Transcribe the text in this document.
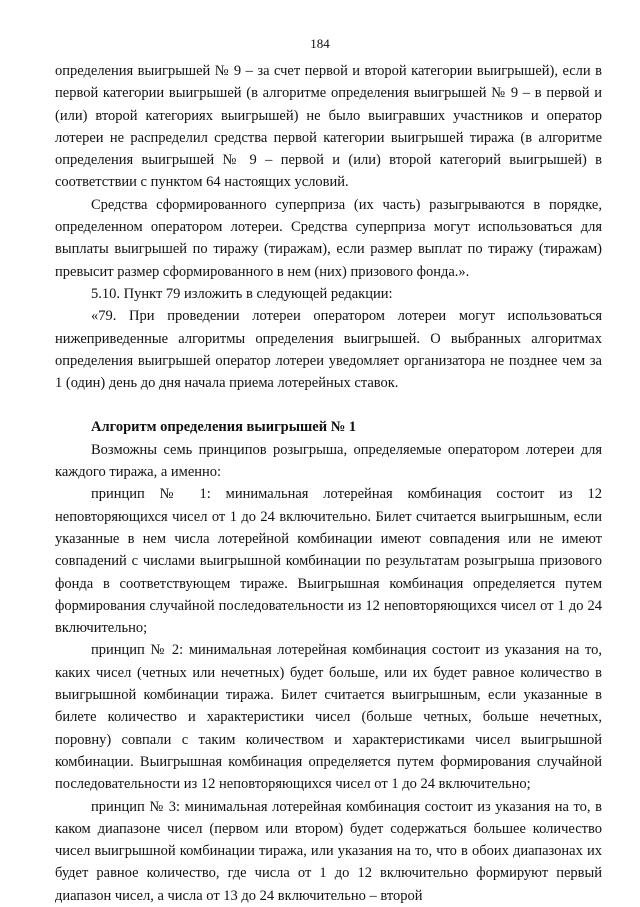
184

определения выигрышей № 9 – за счет первой и второй категории выигрышей), если в первой категории выигрышей (в алгоритме определения выигрышей № 9 – в первой и (или) второй категориях выигрышей) не было выигравших участников и оператор лотереи не распределил средства первой категории выигрышей тиража (в алгоритме определения выигрышей № 9 – первой и (или) второй категорий выигрышей) в соответствии с пунктом 64 настоящих условий.

Средства сформированного суперприза (их часть) разыгрываются в порядке, определенном оператором лотереи. Средства суперприза могут использоваться для выплаты выигрышей по тиражу (тиражам), если размер выплат по тиражу (тиражам) превысит размер сформированного в нем (них) призового фонда.».

5.10. Пункт 79 изложить в следующей редакции:

«79. При проведении лотереи оператором лотереи могут использоваться нижеприведенные алгоритмы определения выигрышей. О выбранных алгоритмах определения выигрышей оператор лотереи уведомляет организатора не позднее чем за 1 (один) день до дня начала приема лотерейных ставок.

Алгоритм определения выигрышей № 1

Возможны семь принципов розыгрыша, определяемые оператором лотереи для каждого тиража, а именно:

принцип № 1: минимальная лотерейная комбинация состоит из 12 неповторяющихся чисел от 1 до 24 включительно. Билет считается выигрышным, если указанные в нем числа лотерейной комбинации имеют совпадения или не имеют совпадений с числами выигрышной комбинации по результатам розыгрыша призового фонда в соответствующем тираже. Выигрышная комбинация определяется путем формирования случайной последовательности из 12 неповторяющихся чисел от 1 до 24 включительно;

принцип № 2: минимальная лотерейная комбинация состоит из указания на то, каких чисел (четных или нечетных) будет больше, или их будет равное количество в выигрышной комбинации тиража. Билет считается выигрышным, если указанные в билете количество и характеристики чисел (больше четных, больше нечетных, поровну) совпали с таким количеством и характеристиками чисел выигрышной комбинации. Выигрышная комбинация определяется путем формирования случайной последовательности из 12 неповторяющихся чисел от 1 до 24 включительно;

принцип № 3: минимальная лотерейная комбинация состоит из указания на то, в каком диапазоне чисел (первом или втором) будет содержаться большее количество чисел выигрышной комбинации тиража, или указания на то, что в обоих диапазонах их будет равное количество, где числа от 1 до 12 включительно формируют первый диапазон чисел, а числа от 13 до 24 включительно – второй
